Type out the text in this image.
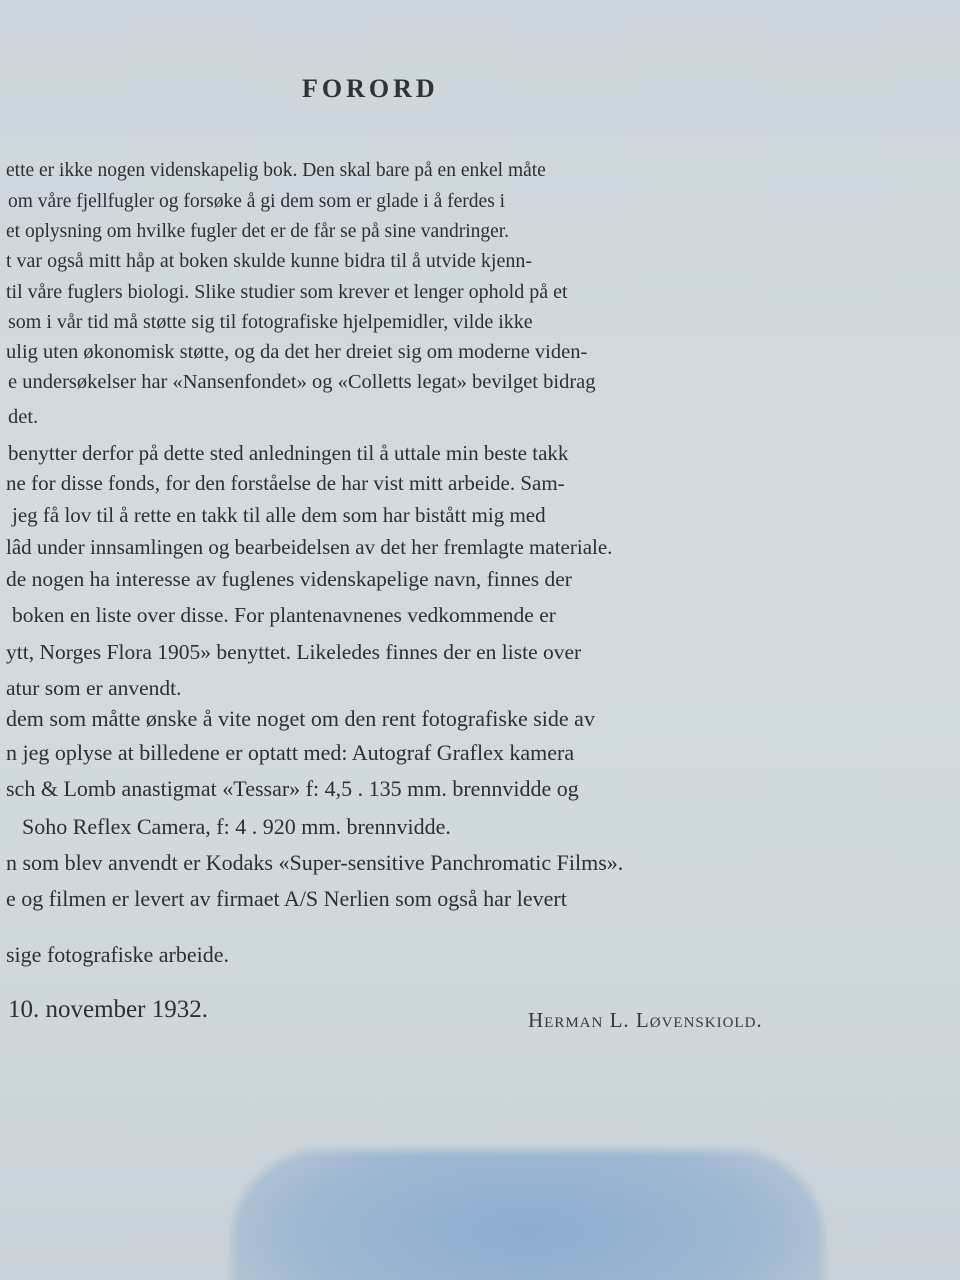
FORORD
ette er ikke nogen videnskapelig bok. Den skal bare på en enkel måte
om våre fjellfugler og forsøke å gi dem som er glade i å ferdes i
et oplysning om hvilke fugler det er de får se på sine vandringer.
t var også mitt håp at boken skulde kunne bidra til å utvide kjenn-
til våre fuglers biologi. Slike studier som krever et lenger ophold på et
som i vår tid må støtte sig til fotografiske hjelpemidler, vilde ikke
ulig uten økonomisk støtte, og da det her dreiet sig om moderne viden-
e undersøkelser har «Nansenfondet» og «Colletts legat» bevilget bidrag
det.
benytter derfor på dette sted anledningen til å uttale min beste takk
ne for disse fonds, for den forståelse de har vist mitt arbeide. Sam-
jeg få lov til å rette en takk til alle dem som har bistått mig med
lâd under innsamlingen og bearbeidelsen av det her fremlagte materiale.
de nogen ha interesse av fuglenes videnskapelige navn, finnes der
boken en liste over disse. For plantenavnenes vedkommende er
ytt, Norges Flora 1905» benyttet. Likeledes finnes der en liste over
atur som er anvendt.
dem som måtte ønske å vite noget om den rent fotografiske side av
n jeg oplyse at billedene er optatt med: Autograf Graflex kamera
sch & Lomb anastigmat «Tessar» f: 4,5 . 135 mm. brennvidde og
Soho Reflex Camera, f: 4 . 920 mm. brennvidde.
n som blev anvendt er Kodaks «Super-sensitive Panchromatic Films».
e og filmen er levert av firmaet A/S Nerlien som også har levert
sige fotografiske arbeide.
10. november 1932.	Herman L. Løvenskiold.
